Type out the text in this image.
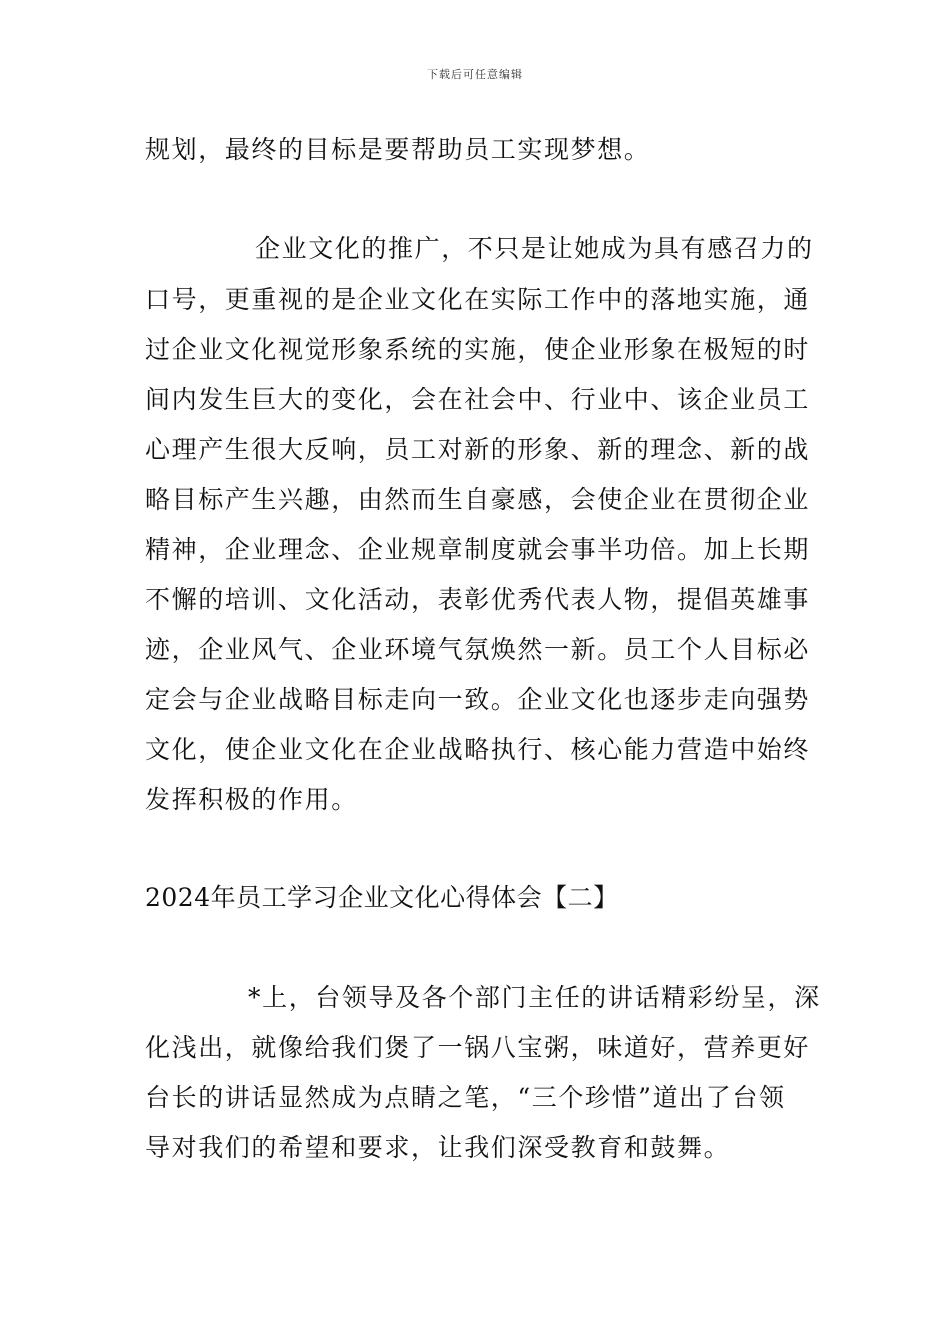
下载后可任意编辑
规划，最终的目标是要帮助员工实现梦想。
企业文化的推广，不只是让她成为具有感召力的
口号，更重视的是企业文化在实际工作中的落地实施，通
过企业文化视觉形象系统的实施，使企业形象在极短的时
间内发生巨大的变化，会在社会中、行业中、该企业员工
心理产生很大反响，员工对新的形象、新的理念、新的战
略目标产生兴趣，由然而生自豪感，会使企业在贯彻企业
精神，企业理念、企业规章制度就会事半功倍。加上长期
不懈的培训、文化活动，表彰优秀代表人物，提倡英雄事
迹，企业风气、企业环境气氛焕然一新。员工个人目标必
定会与企业战略目标走向一致。企业文化也逐步走向强势
文化，使企业文化在企业战略执行、核心能力营造中始终
发挥积极的作用。
2024年员工学习企业文化心得体会【二】
*上，台领导及各个部门主任的讲话精彩纷呈，深
化浅出，就像给我们煲了一锅八宝粥，味道好，营养更好
台长的讲话显然成为点睛之笔，“三个珍惜”道出了台领
导对我们的希望和要求，让我们深受教育和鼓舞。
